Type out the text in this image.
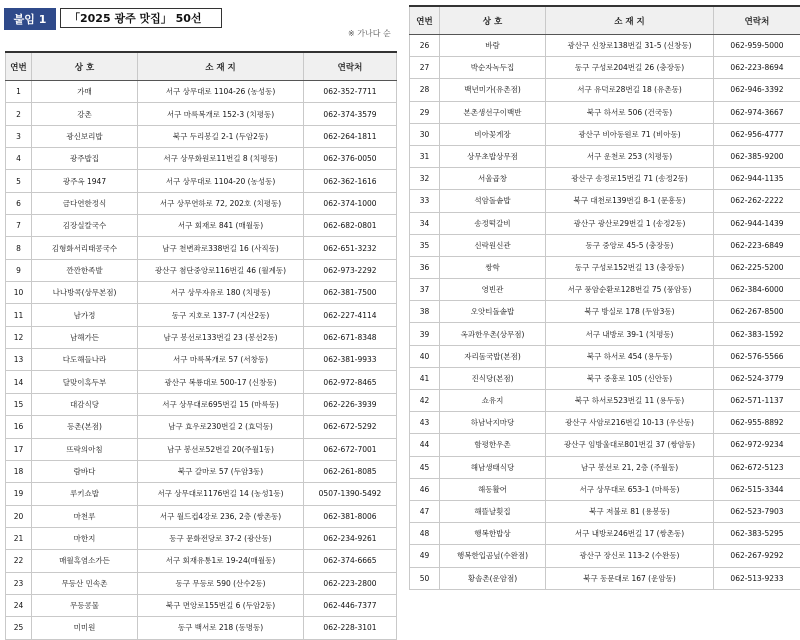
붙임 1	「2025 광주 맛집」 50선
※ 가나다 순
연번	상 호	소 재 지	연락처
1	가매	서구 상무대로 1104-26 (농성동)	062-352-7711
2	강촌	서구 마륵복개로 152-3 (치평동)	062-374-3579
3	광신보리밥	북구 두리봉길 2-1 (두암2동)	062-264-1811
4	광주밥집	서구 상무화원로11번길 8 (치평동)	062-376-0050
5	광주옥 1947	서구 상무대로 1104-20 (농성동)	062-362-1616
6	금다연한정식	서구 상무연하로 72, 202호 (치평동)	062-374-1000
7	김장실칼국수	서구 회재로 841 (매월동)	062-682-0801
8	김형화서리태콩국수	남구 천변좌로338번길 16 (사직동)	062-651-3232
9	깐깐한족발	광산구 첨단중앙로116번길 46 (월계동)	062-973-2292
10	나나방콕(상무본점)	서구 상무자유로 180 (치평동)	062-381-7500
11	남가정	동구 지호로 137-7 (지산2동)	062-227-4114
12	남해가든	남구 봉선로133번길 23 (봉선2동)	062-671-8348
13	다도해들나라	서구 마륵복개로 57 (서창동)	062-381-9933
14	달맞이흑두부	광산구 복룡대로 500-17 (신창동)	062-972-8465
15	대감식당	서구 상무대로695번길 15 (마륵동)	062-226-3939
16	등촌(본점)	남구 효우로230번길 2 (효덕동)	062-672-5292
17	뜨락의아침	남구 봉선로52번길 20(주월1동)	062-672-7001
18	람바다	북구 갈마로 57 (두암3동)	062-261-8085
19	루키쇼밥	서구 상무대로1176번길 14 (농성1동)	0507-1390-5492
20	마천루	서구 월드컵4강로 236, 2층 (쌍촌동)	062-381-8006
21	마한지	동구 문화전당로 37-2 (광산동)	062-234-9261
22	매월흑염소가든	서구 회재유통1로 19-24(매월동)	062-374-6665
23	무등산 민속촌	동구 무등로 590 (산수2동)	062-223-2800
24	무등콩물	북구 면앙로155번길 6 (두암2동)	062-446-7377
25	미미원	동구 백서로 218 (동명동)	062-228-3101
연번	상 호	소 재 지	연락처
26	바람	광산구 신창로138번길 31-5 (신창동)	062-959-5000
27	박순자녹두집	동구 구성로204번길 26 (충장동)	062-223-8694
28	백년미가(유촌점)	서구 유덕로28번길 18 (유촌동)	062-946-3392
29	본촌생선구이백반	북구 하서로 506 (건국동)	062-974-3667
30	비아꽃게장	광산구 비아동원로 71 (비아동)	062-956-4777
31	상무초밥상무점	서구 운천로 253 (치평동)	062-385-9200
32	서울곱창	광산구 송정로15번길 71 (송정2동)	062-944-1135
33	석암돌솥밥	북구 대천로139번길 8-1 (문흥동)	062-262-2222
34	송정떡갈비	광산구 광산로29번길 1 (송정2동)	062-944-1439
35	신락원신관	동구 중앙로 45-5 (충장동)	062-223-6849
36	쌍학	동구 구성로152번길 13 (충장동)	062-225-5200
37	영빈관	서구 풍암순환로128번길 75 (풍암동)	062-384-6000
38	오앗티돌솥밥	북구 방실로 178 (두암3동)	062-267-8500
39	옥과한우촌(상무점)	서구 내방로 39-1 (치평동)	062-383-1592
40	자리돔국밥(본점)	북구 하서로 454 (용두동)	062-576-5566
41	진식당(본점)	북구 중흥로 105 (신안동)	062-524-3779
42	쇼유지	북구 하서로523번길 11 (용두동)	062-571-1137
43	하남낙지마당	광산구 사암로216번길 10-13 (우산동)	062-955-8892
44	함평한우촌	광산구 임방울대로801번길 37 (쌍암동)	062-972-9234
45	해남생태식당	남구 봉선로 21, 2층 (주월동)	062-672-5123
46	해동활어	서구 상무대로 653-1 (마륵동)	062-515-3344
47	해뜰날횟집	북구 저불로 81 (용봉동)	062-523-7903
48	행복한밥상	서구 내방로246번길 17 (쌍촌동)	062-383-5295
49	행복한입곰닢(수완점)	광산구 장신로 113-2 (수완동)	062-267-9292
50	황솔촌(운암점)	북구 동문대로 167 (운암동)	062-513-9233
